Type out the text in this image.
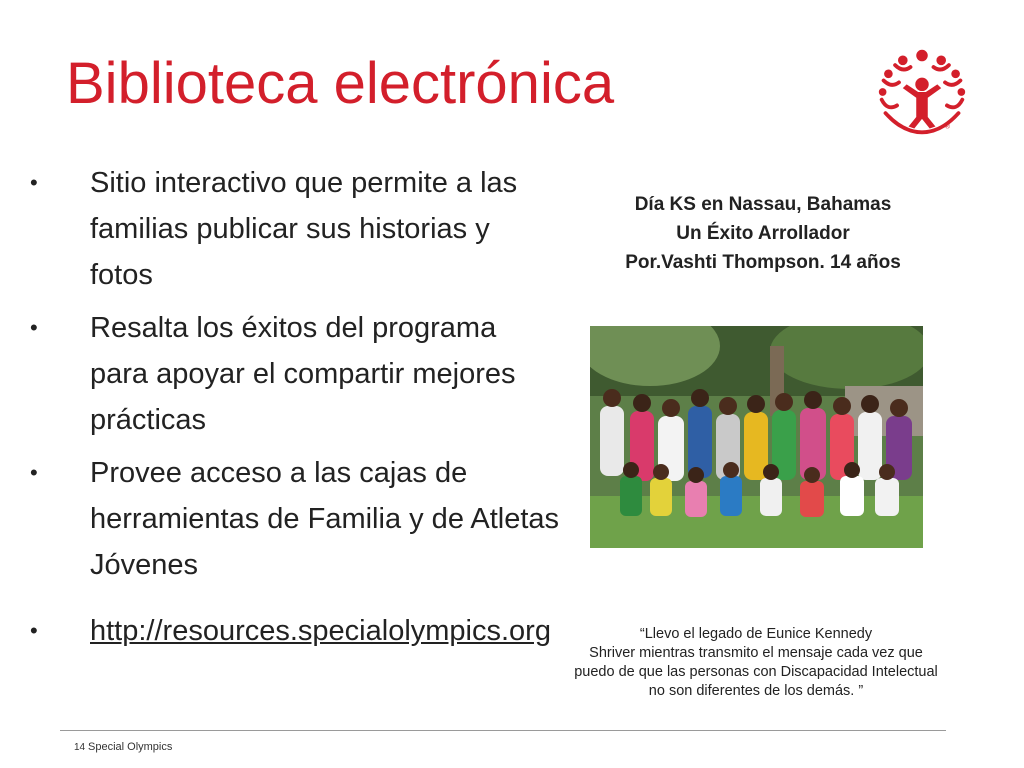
Biblioteca electrónica
®
• Sitio interactivo que permite a las familias publicar sus historias y fotos
• Resalta los éxitos del programa para apoyar el compartir mejores prácticas
• Provee acceso a las cajas de herramientas de Familia y de Atletas Jóvenes
• http://resources.specialolympics.org
Día KS en Nassau, Bahamas
Un Éxito Arrollador
Por.Vashti Thompson. 14 años
“Llevo el legado de Eunice Kennedy
Shriver mientras transmito el mensaje cada vez que
puedo de que las personas con Discapacidad Intelectual
no son diferentes de los demás. ”
14 Special Olympics
